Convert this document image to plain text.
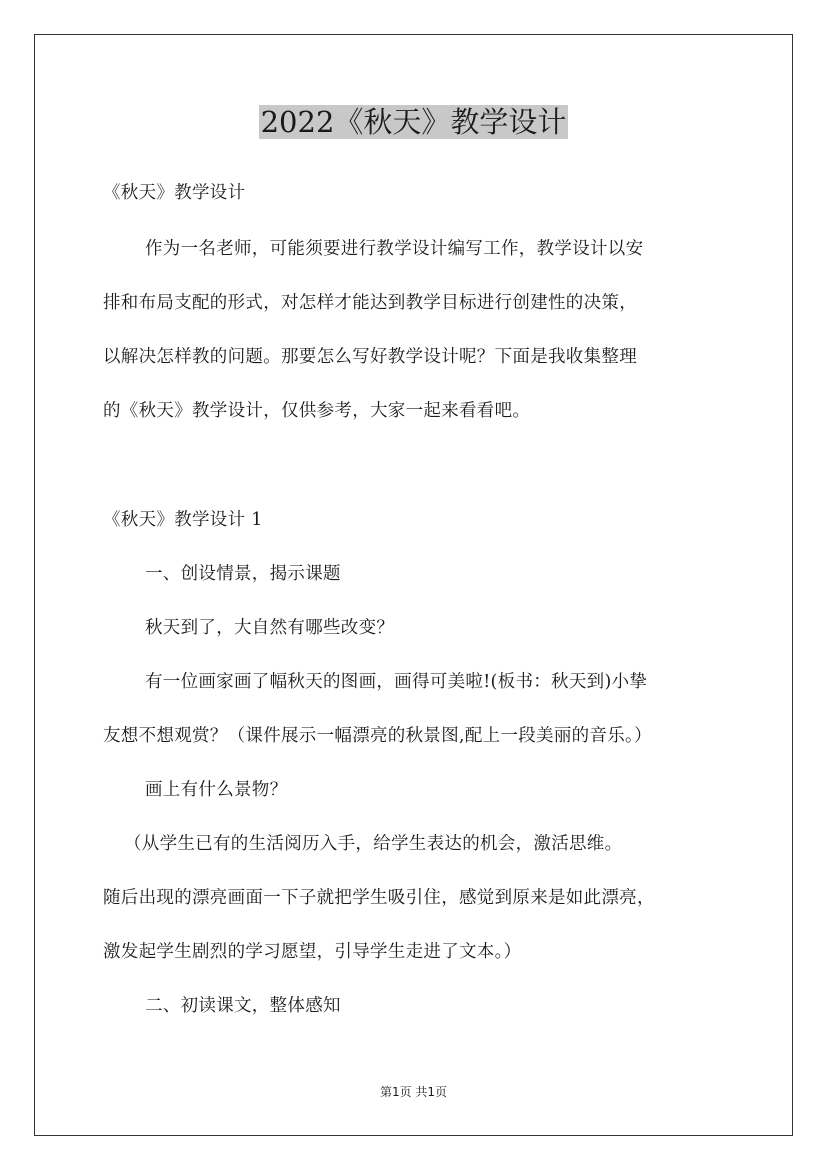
2022《秋天》教学设计
《秋天》教学设计
作为一名老师，可能须要进行教学设计编写工作，教学设计以安
排和布局支配的形式，对怎样才能达到教学目标进行创建性的决策，
以解决怎样教的问题。那要怎么写好教学设计呢？下面是我收集整理
的《秋天》教学设计，仅供参考，大家一起来看看吧。
《秋天》教学设计 1
一、创设情景，揭示课题
秋天到了，大自然有哪些改变？
有一位画家画了幅秋天的图画，画得可美啦!(板书：秋天到)小挚
友想不想观赏？（课件展示一幅漂亮的秋景图,配上一段美丽的音乐。）
画上有什么景物？
（从学生已有的生活阅历入手，给学生表达的机会，激活思维。
随后出现的漂亮画面一下子就把学生吸引住，感觉到原来是如此漂亮，
激发起学生剧烈的学习愿望，引导学生走进了文本。）
二、初读课文，整体感知
第1页 共1页
